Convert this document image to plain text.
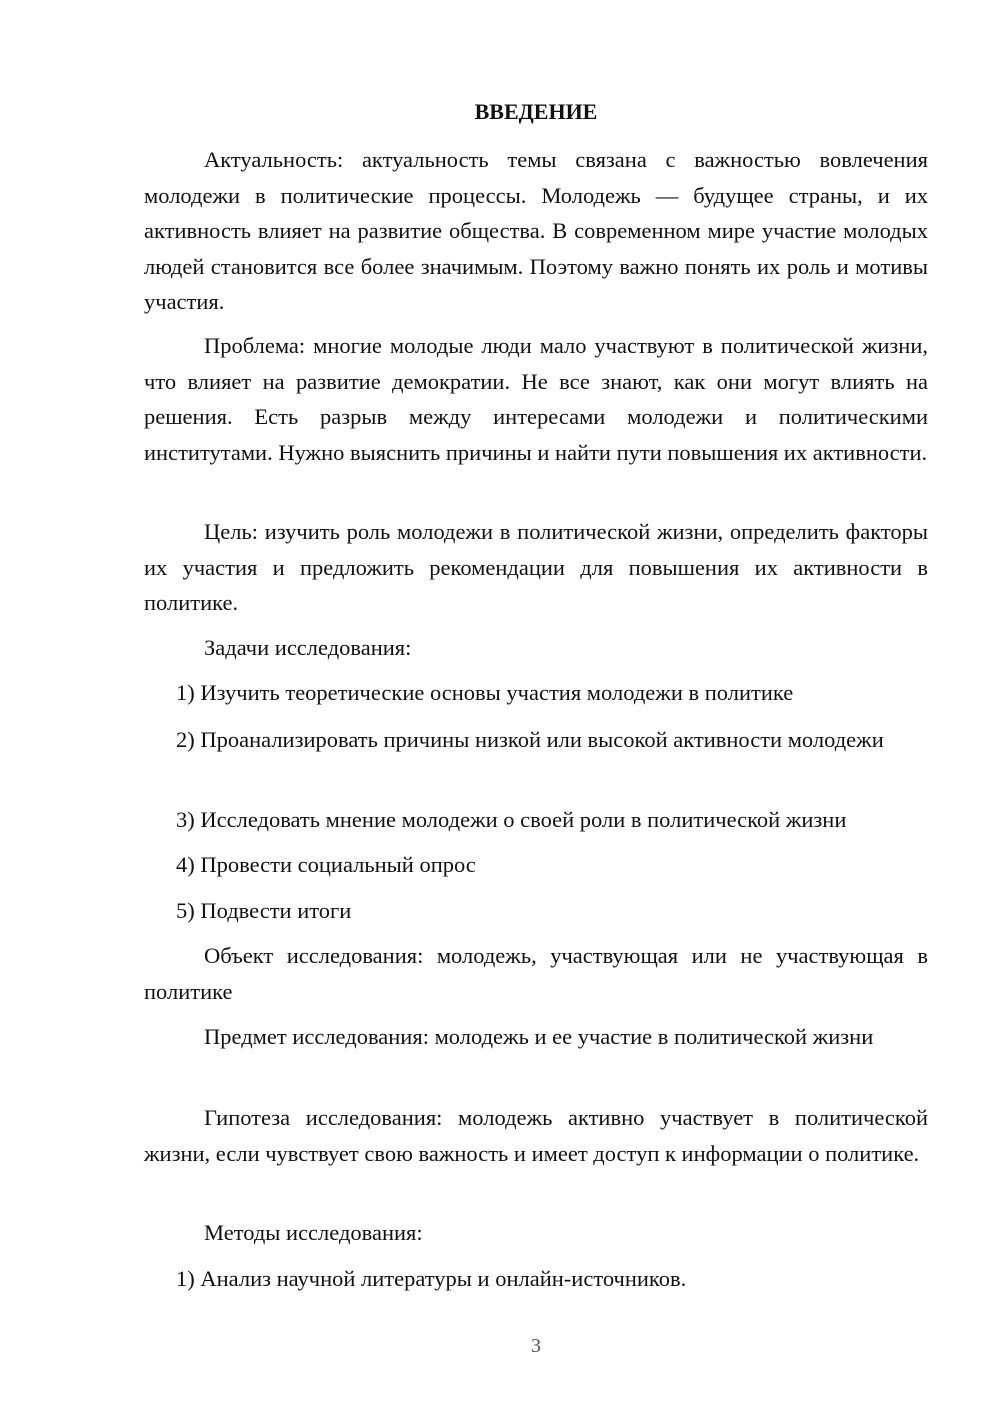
ВВЕДЕНИЕ

Актуальность: актуальность темы связана с важностью вовлечения молодежи в политические процессы. Молодежь — будущее страны, и их активность влияет на развитие общества. В современном мире участие молодых людей становится все более значимым. Поэтому важно понять их роль и мотивы участия.

Проблема: многие молодые люди мало участвуют в политической жизни, что влияет на развитие демократии. Не все знают, как они могут влиять на решения. Есть разрыв между интересами молодежи и политическими институтами. Нужно выяснить причины и найти пути повышения их активности.

Цель: изучить роль молодежи в политической жизни, определить факторы их участия и предложить рекомендации для повышения их активности в политике.

Задачи исследования:

1) Изучить теоретические основы участия молодежи в политике

2) Проанализировать причины низкой или высокой активности молодежи

3) Исследовать мнение молодежи о своей роли в политической жизни

4) Провести социальный опрос

5) Подвести итоги

Объект исследования: молодежь, участвующая или не участвующая в политике

Предмет исследования: молодежь и ее участие в политической жизни

Гипотеза исследования: молодежь активно участвует в политической жизни, если чувствует свою важность и имеет доступ к информации о политике.

Методы исследования:

1) Анализ научной литературы и онлайн-источников.

3
